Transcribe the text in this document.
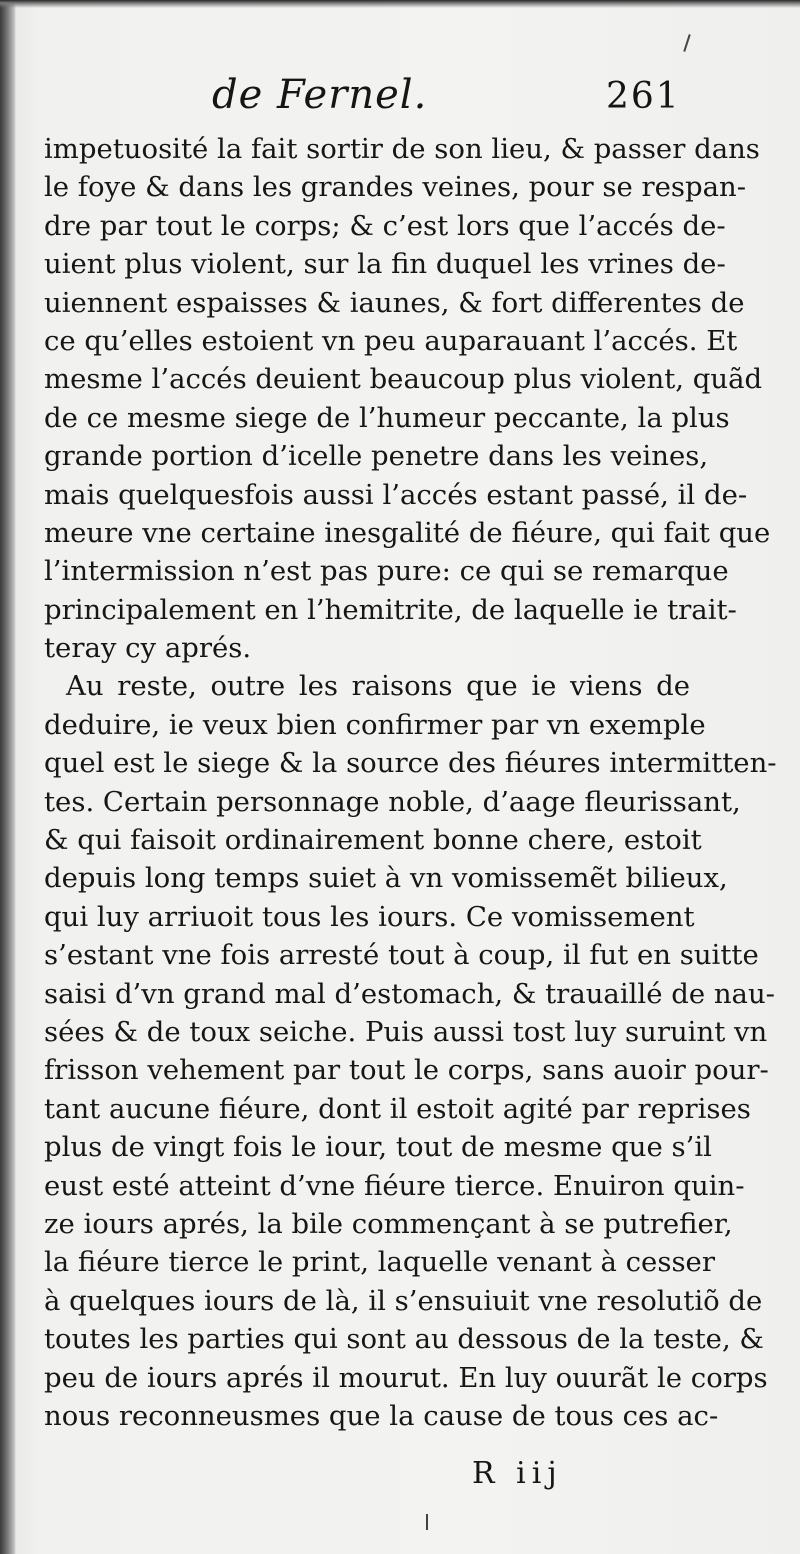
de Fernel.	261
impetuosité la fait sortir de son lieu, & passer dans
le foye & dans les grandes veines, pour se respan-
dre par tout le corps; & c’est lors que l’accés de-
uient plus violent, sur la fin duquel les vrines de-
uiennent espaisses & iaunes, & fort differentes de
ce qu’elles estoient vn peu auparauant l’accés. Et
mesme l’accés deuient beaucoup plus violent, quãd
de ce mesme siege de l’humeur peccante, la plus
grande portion d’icelle penetre dans les veines,
mais quelquesfois aussi l’accés estant passé, il de-
meure vne certaine inesgalité de fiéure, qui fait que
l’intermission n’est pas pure: ce qui se remarque
principalement en l’hemitrite, de laquelle ie trait-
teray cy aprés.
Au reste, outre les raisons que ie viens de
deduire, ie veux bien confirmer par vn exemple
quel est le siege & la source des fiéures intermitten-
tes. Certain personnage noble, d’aage fleurissant,
& qui faisoit ordinairement bonne chere, estoit
depuis long temps suiet à vn vomissemẽt bilieux,
qui luy arriuoit tous les iours. Ce vomissement
s’estant vne fois arresté tout à coup, il fut en suitte
saisi d’vn grand mal d’estomach, & trauaillé de nau-
sées & de toux seiche. Puis aussi tost luy suruint vn
frisson vehement par tout le corps, sans auoir pour-
tant aucune fiéure, dont il estoit agité par reprises
plus de vingt fois le iour, tout de mesme que s’il
eust esté atteint d’vne fiéure tierce. Enuiron quin-
ze iours aprés, la bile commençant à se putrefier,
la fiéure tierce le print, laquelle venant à cesser
à quelques iours de là, il s’ensuiuit vne resolutiõ de
toutes les parties qui sont au dessous de la teste, &
peu de iours aprés il mourut. En luy ouurãt le corps
nous reconneusmes que la cause de tous ces ac-
R iij
